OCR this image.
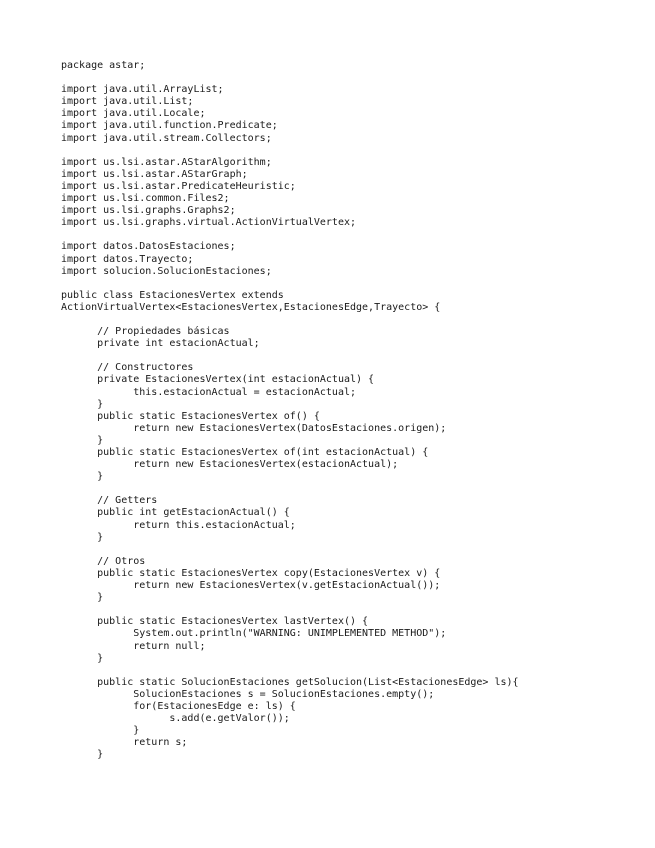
package astar;
import java.util.ArrayList;
import java.util.List;
import java.util.Locale;
import java.util.function.Predicate;
import java.util.stream.Collectors;
import us.lsi.astar.AStarAlgorithm;
import us.lsi.astar.AStarGraph;
import us.lsi.astar.PredicateHeuristic;
import us.lsi.common.Files2;
import us.lsi.graphs.Graphs2;
import us.lsi.graphs.virtual.ActionVirtualVertex;
import datos.DatosEstaciones;
import datos.Trayecto;
import solucion.SolucionEstaciones;
public class EstacionesVertex extends
ActionVirtualVertex<EstacionesVertex,EstacionesEdge,Trayecto> {
// Propiedades básicas
private int estacionActual;
// Constructores
private EstacionesVertex(int estacionActual) {
this.estacionActual = estacionActual;
}
public static EstacionesVertex of() {
return new EstacionesVertex(DatosEstaciones.origen);
}
public static EstacionesVertex of(int estacionActual) {
return new EstacionesVertex(estacionActual);
}
// Getters
public int getEstacionActual() {
return this.estacionActual;
}
// Otros
public static EstacionesVertex copy(EstacionesVertex v) {
return new EstacionesVertex(v.getEstacionActual());
}
public static EstacionesVertex lastVertex() {
System.out.println("WARNING: UNIMPLEMENTED METHOD");
return null;
}
public static SolucionEstaciones getSolucion(List<EstacionesEdge> ls){
SolucionEstaciones s = SolucionEstaciones.empty();
for(EstacionesEdge e: ls) {
s.add(e.getValor());
}
return s;
}
